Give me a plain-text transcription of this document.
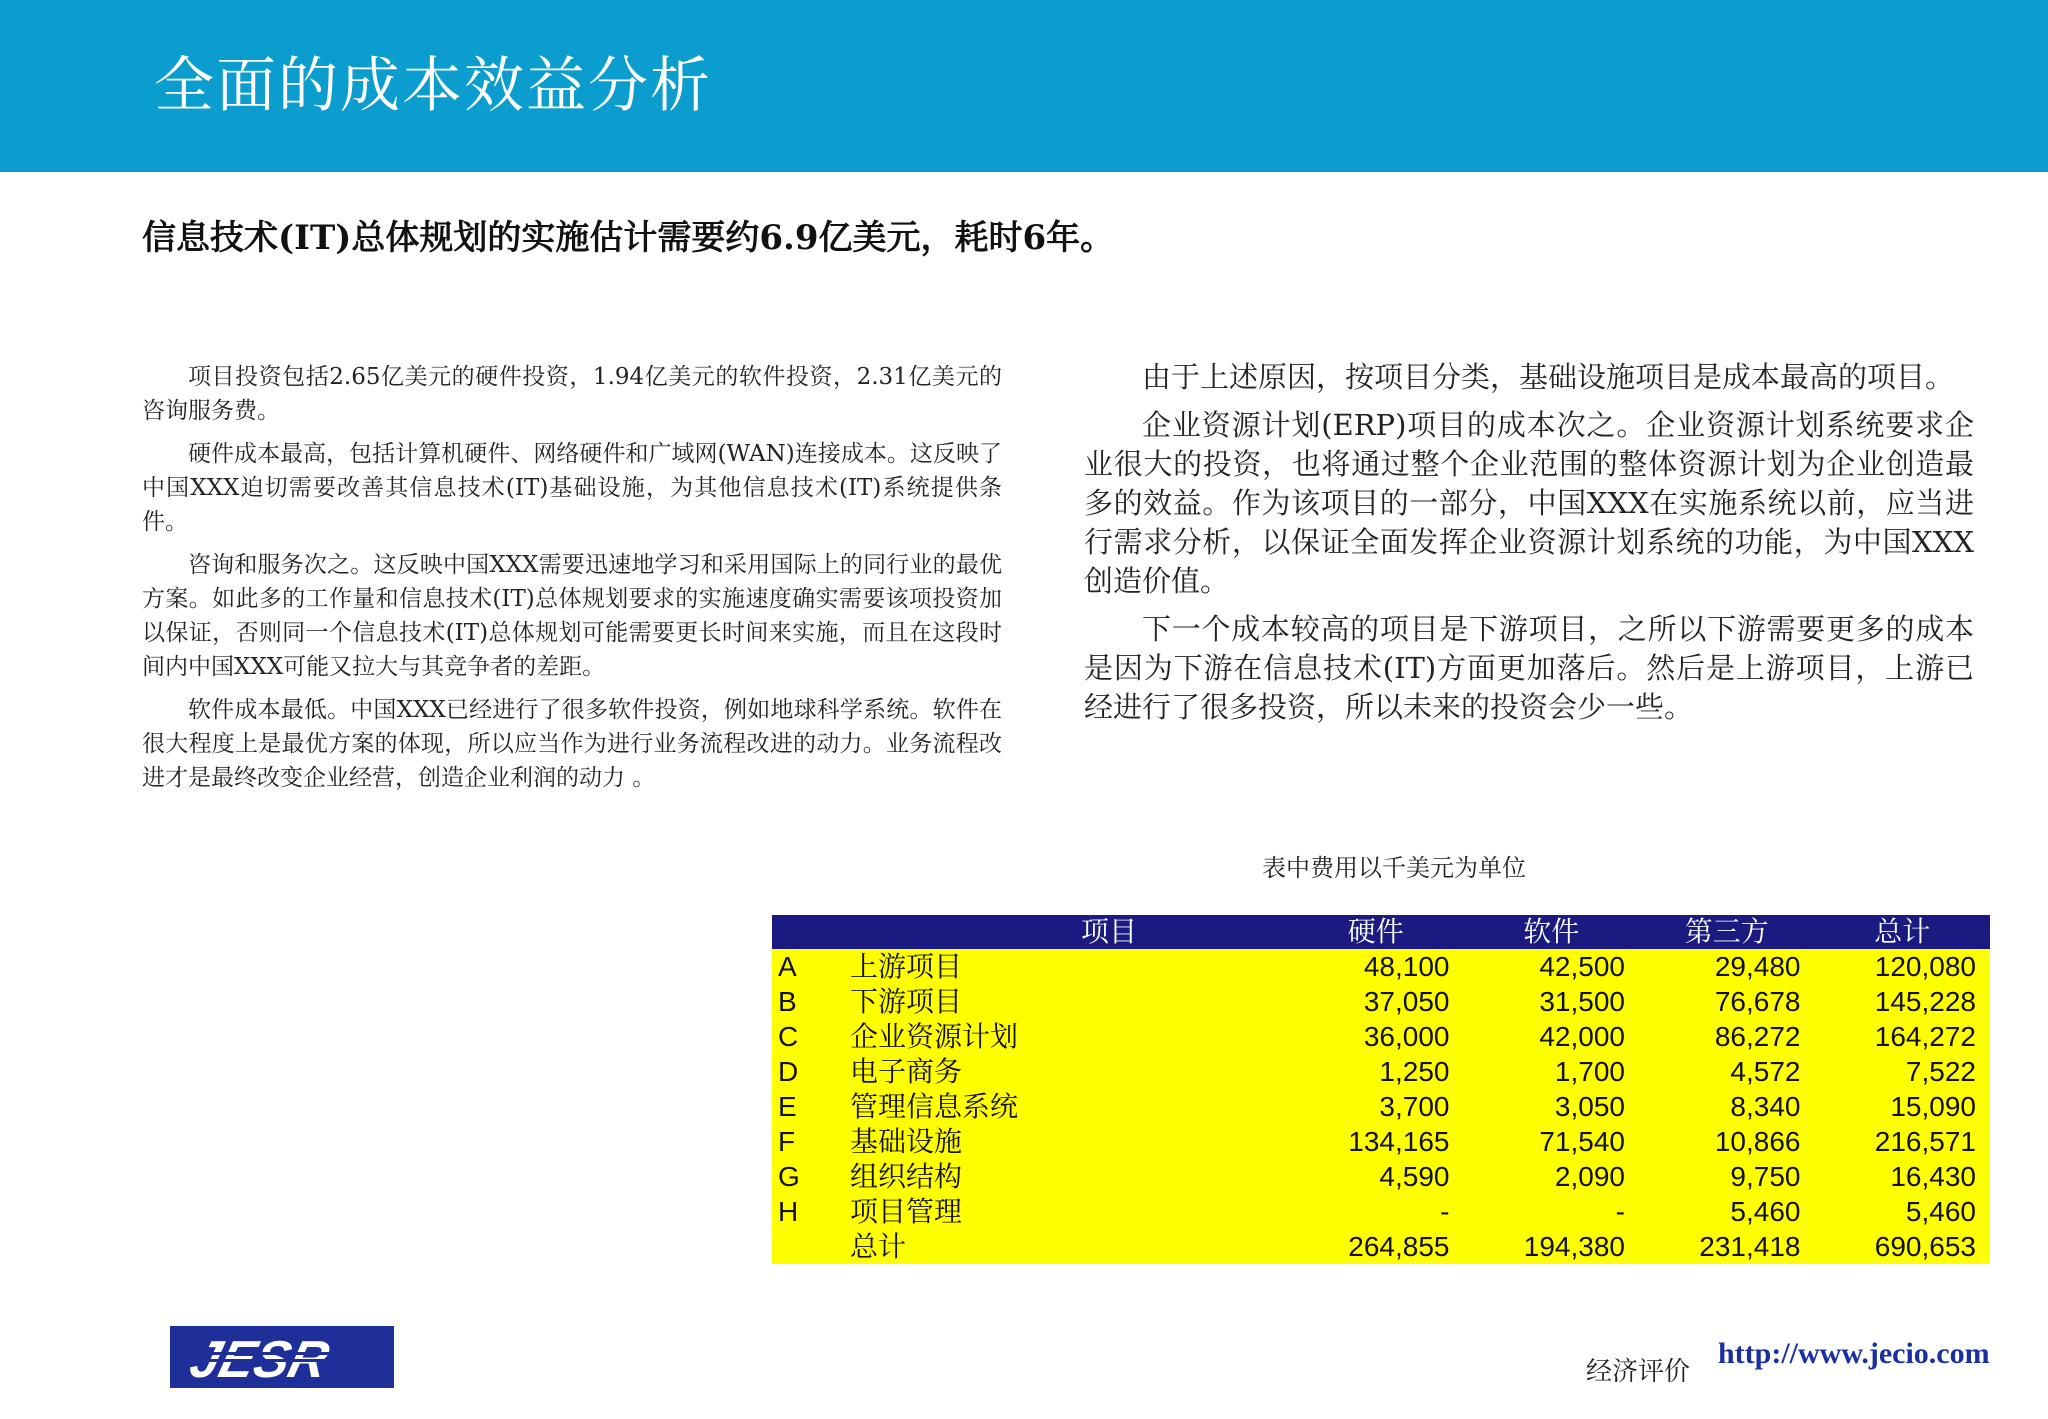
全面的成本效益分析
信息技术(IT)总体规划的实施估计需要约6.9亿美元，耗时6年。

项目投资包括2.65亿美元的硬件投资，1.94亿美元的软件投资，2.31亿美元的咨询服务费。

硬件成本最高，包括计算机硬件、网络硬件和广域网(WAN)连接成本。这反映了中国XXX迫切需要改善其信息技术(IT)基础设施，为其他信息技术(IT)系统提供条件。

咨询和服务次之。这反映中国XXX需要迅速地学习和采用国际上的同行业的最优方案。如此多的工作量和信息技术(IT)总体规划要求的实施速度确实需要该项投资加以保证，否则同一个信息技术(IT)总体规划可能需要更长时间来实施，而且在这段时间内中国XXX可能又拉大与其竞争者的差距。

软件成本最低。中国XXX已经进行了很多软件投资，例如地球科学系统。软件在很大程度上是最优方案的体现，所以应当作为进行业务流程改进的动力。业务流程改进才是最终改变企业经营，创造企业利润的动力 。

由于上述原因，按项目分类，基础设施项目是成本最高的项目。

企业资源计划(ERP)项目的成本次之。企业资源计划系统要求企业很大的投资，也将通过整个企业范围的整体资源计划为企业创造最多的效益。作为该项目的一部分，中国XXX在实施系统以前，应当进行需求分析，以保证全面发挥企业资源计划系统的功能，为中国XXX创造价值。

下一个成本较高的项目是下游项目，之所以下游需要更多的成本是因为下游在信息技术(IT)方面更加落后。然后是上游项目，上游已经进行了很多投资，所以未来的投资会少一些。

表中费用以千美元为单位
	项目	硬件	软件	第三方	总计
A	上游项目	48,100	42,500	29,480	120,080
B	下游项目	37,050	31,500	76,678	145,228
C	企业资源计划	36,000	42,000	86,272	164,272
D	电子商务	1,250	1,700	4,572	7,522
E	管理信息系统	3,700	3,050	8,340	15,090
F	基础设施	134,165	71,540	10,866	216,571
G	组织结构	4,590	2,090	9,750	16,430
H	项目管理	-	-	5,460	5,460
	总计	264,855	194,380	231,418	690,653
经济评价
http://www.jecio.com
